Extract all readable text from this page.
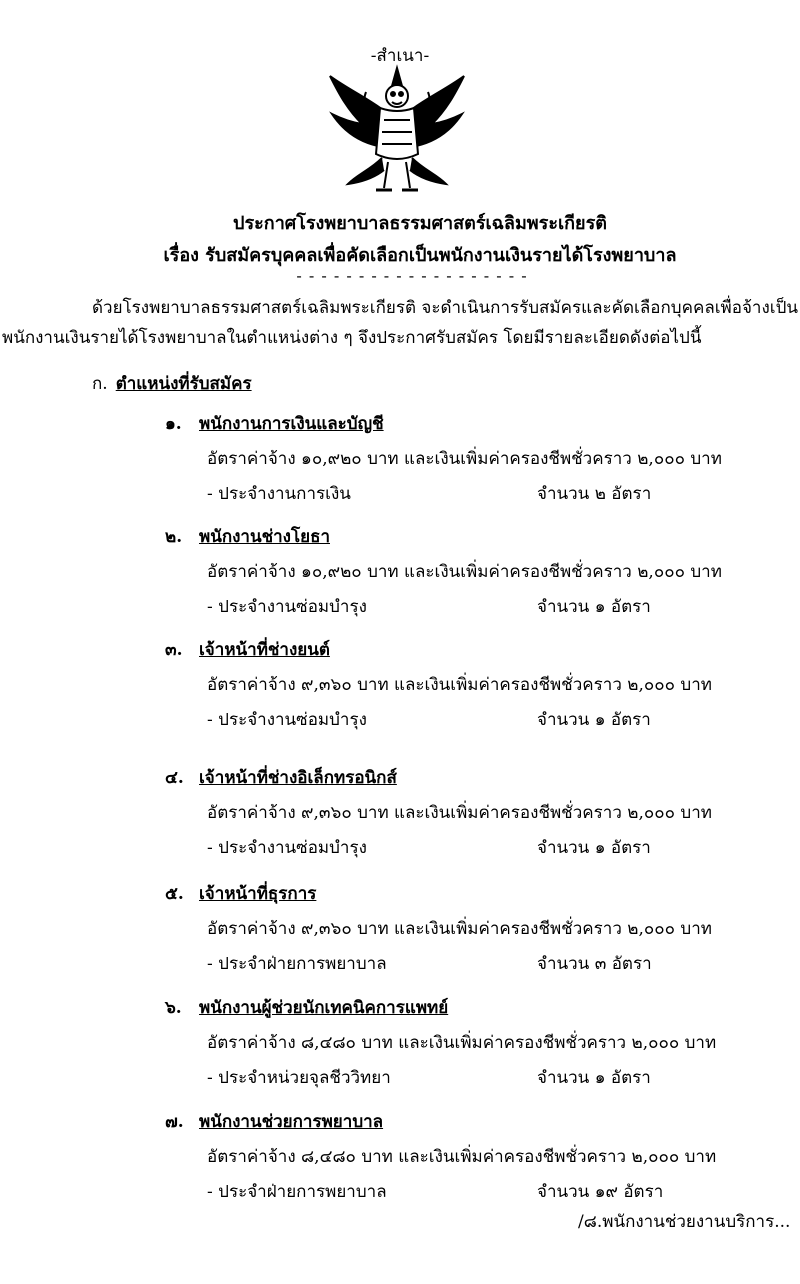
-สำเนา-
ประกาศโรงพยาบาลธรรมศาสตร์เฉลิมพระเกียรติ
เรื่อง รับสมัครบุคคลเพื่อคัดเลือกเป็นพนักงานเงินรายได้โรงพยาบาล
- - - - - - - - - - - - - - - - - - -
ด้วยโรงพยาบาลธรรมศาสตร์เฉลิมพระเกียรติ จะดำเนินการรับสมัครและคัดเลือกบุคคลเพื่อจ้างเป็น
พนักงานเงินรายได้โรงพยาบาลในตำแหน่งต่าง ๆ จึงประกาศรับสมัคร โดยมีรายละเอียดดังต่อไปนี้
ก. ตำแหน่งที่รับสมัคร
๑. พนักงานการเงินและบัญชี
อัตราค่าจ้าง ๑๐,๙๒๐ บาท และเงินเพิ่มค่าครองชีพชั่วคราว ๒,๐๐๐ บาท
- ประจำงานการเงิน	จำนวน ๒ อัตรา
๒. พนักงานช่างโยธา
อัตราค่าจ้าง ๑๐,๙๒๐ บาท และเงินเพิ่มค่าครองชีพชั่วคราว ๒,๐๐๐ บาท
- ประจำงานซ่อมบำรุง	จำนวน ๑ อัตรา
๓. เจ้าหน้าที่ช่างยนต์
อัตราค่าจ้าง ๙,๓๖๐ บาท และเงินเพิ่มค่าครองชีพชั่วคราว ๒,๐๐๐ บาท
- ประจำงานซ่อมบำรุง	จำนวน ๑ อัตรา
๔. เจ้าหน้าที่ช่างอิเล็กทรอนิกส์
อัตราค่าจ้าง ๙,๓๖๐ บาท และเงินเพิ่มค่าครองชีพชั่วคราว ๒,๐๐๐ บาท
- ประจำงานซ่อมบำรุง	จำนวน ๑ อัตรา
๕. เจ้าหน้าที่ธุรการ
อัตราค่าจ้าง ๙,๓๖๐ บาท และเงินเพิ่มค่าครองชีพชั่วคราว ๒,๐๐๐ บาท
- ประจำฝ่ายการพยาบาล	จำนวน ๓ อัตรา
๖. พนักงานผู้ช่วยนักเทคนิคการแพทย์
อัตราค่าจ้าง ๘,๔๘๐ บาท และเงินเพิ่มค่าครองชีพชั่วคราว ๒,๐๐๐ บาท
- ประจำหน่วยจุลชีววิทยา	จำนวน ๑ อัตรา
๗. พนักงานช่วยการพยาบาล
อัตราค่าจ้าง ๘,๔๘๐ บาท และเงินเพิ่มค่าครองชีพชั่วคราว ๒,๐๐๐ บาท
- ประจำฝ่ายการพยาบาล	จำนวน ๑๙ อัตรา
/๘.พนักงานช่วยงานบริการ...
